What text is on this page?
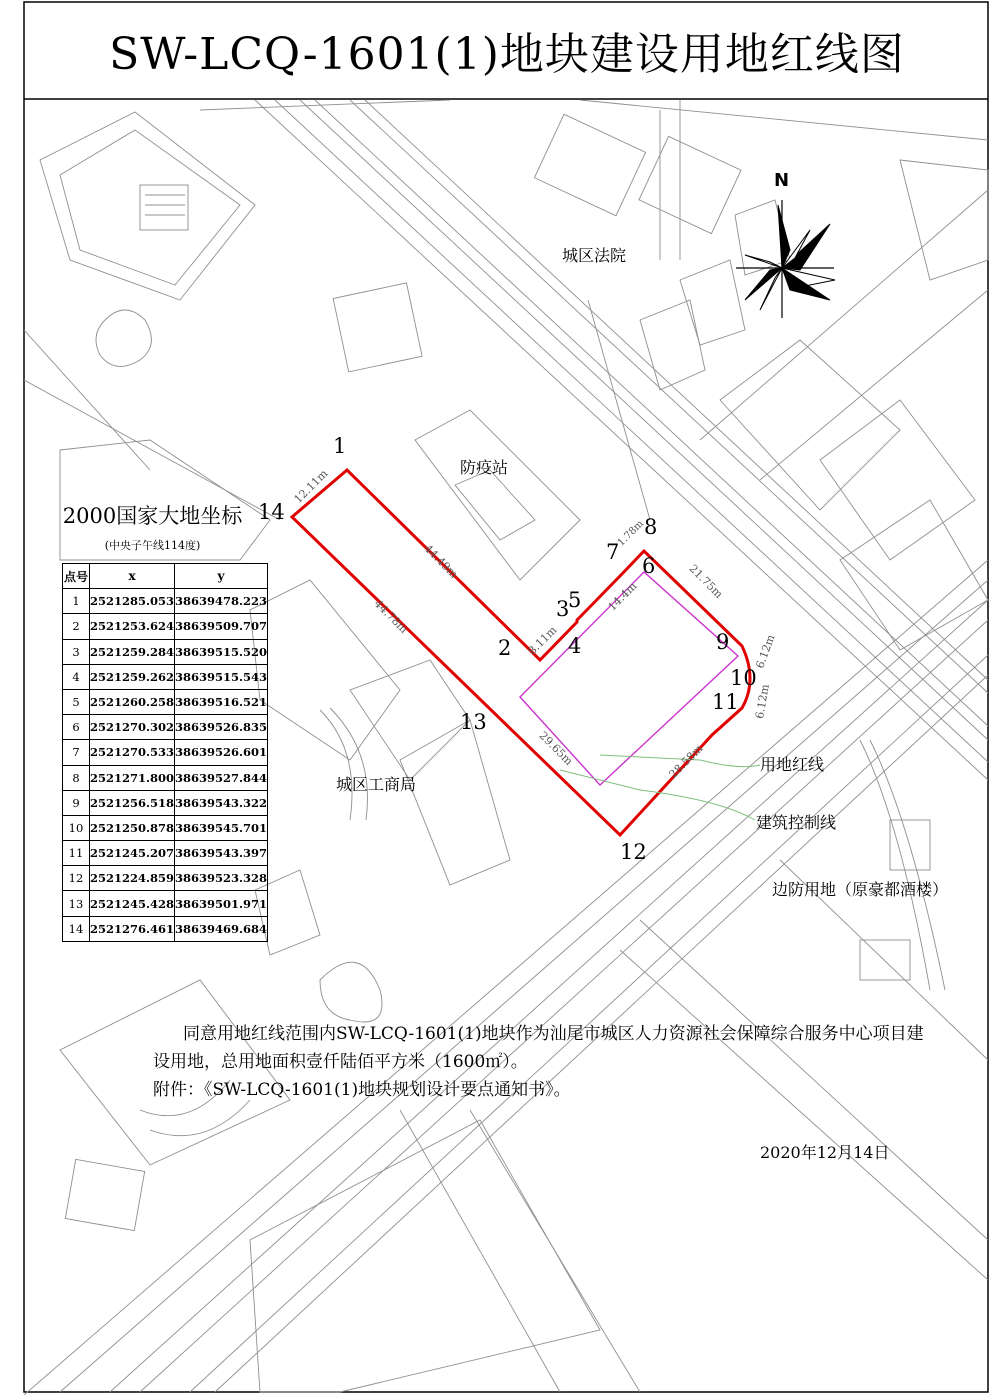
SW-LCQ-1601(1)地块建设用地红线图
N
城区法院
防疫站
城区工商局
边防用地（原豪都酒楼）
用地红线
建筑控制线
1
2
3
4
5
6
7
8
9
10
11
12
13
14
12.11m
44.49m
44.78m
8.11m
1.78m
14.4m	21.75m
6.12m
6.12m
29.65m	28.58m
2000国家大地坐标
(中央子午线114度)
点号	x	y
1	2521285.053	38639478.223
2	2521253.624	38639509.707
3	2521259.284	38639515.520
4	2521259.262	38639515.543
5	2521260.258	38639516.521
6	2521270.302	38639526.835
7	2521270.533	38639526.601
8	2521271.800	38639527.844
9	2521256.518	38639543.322
10	2521250.878	38639545.701
11	2521245.207	38639543.397
12	2521224.859	38639523.328
13	2521245.428	38639501.971
14	2521276.461	38639469.684

同意用地红线范围内SW-LCQ-1601(1)地块作为汕尾市城区人力资源社会保障综合服务中心项目建

设用地，总用地面积壹仟陆佰平方米（1600㎡）。

附件：《SW-LCQ-1601(1)地块规划设计要点通知书》。

2020年12月14日
